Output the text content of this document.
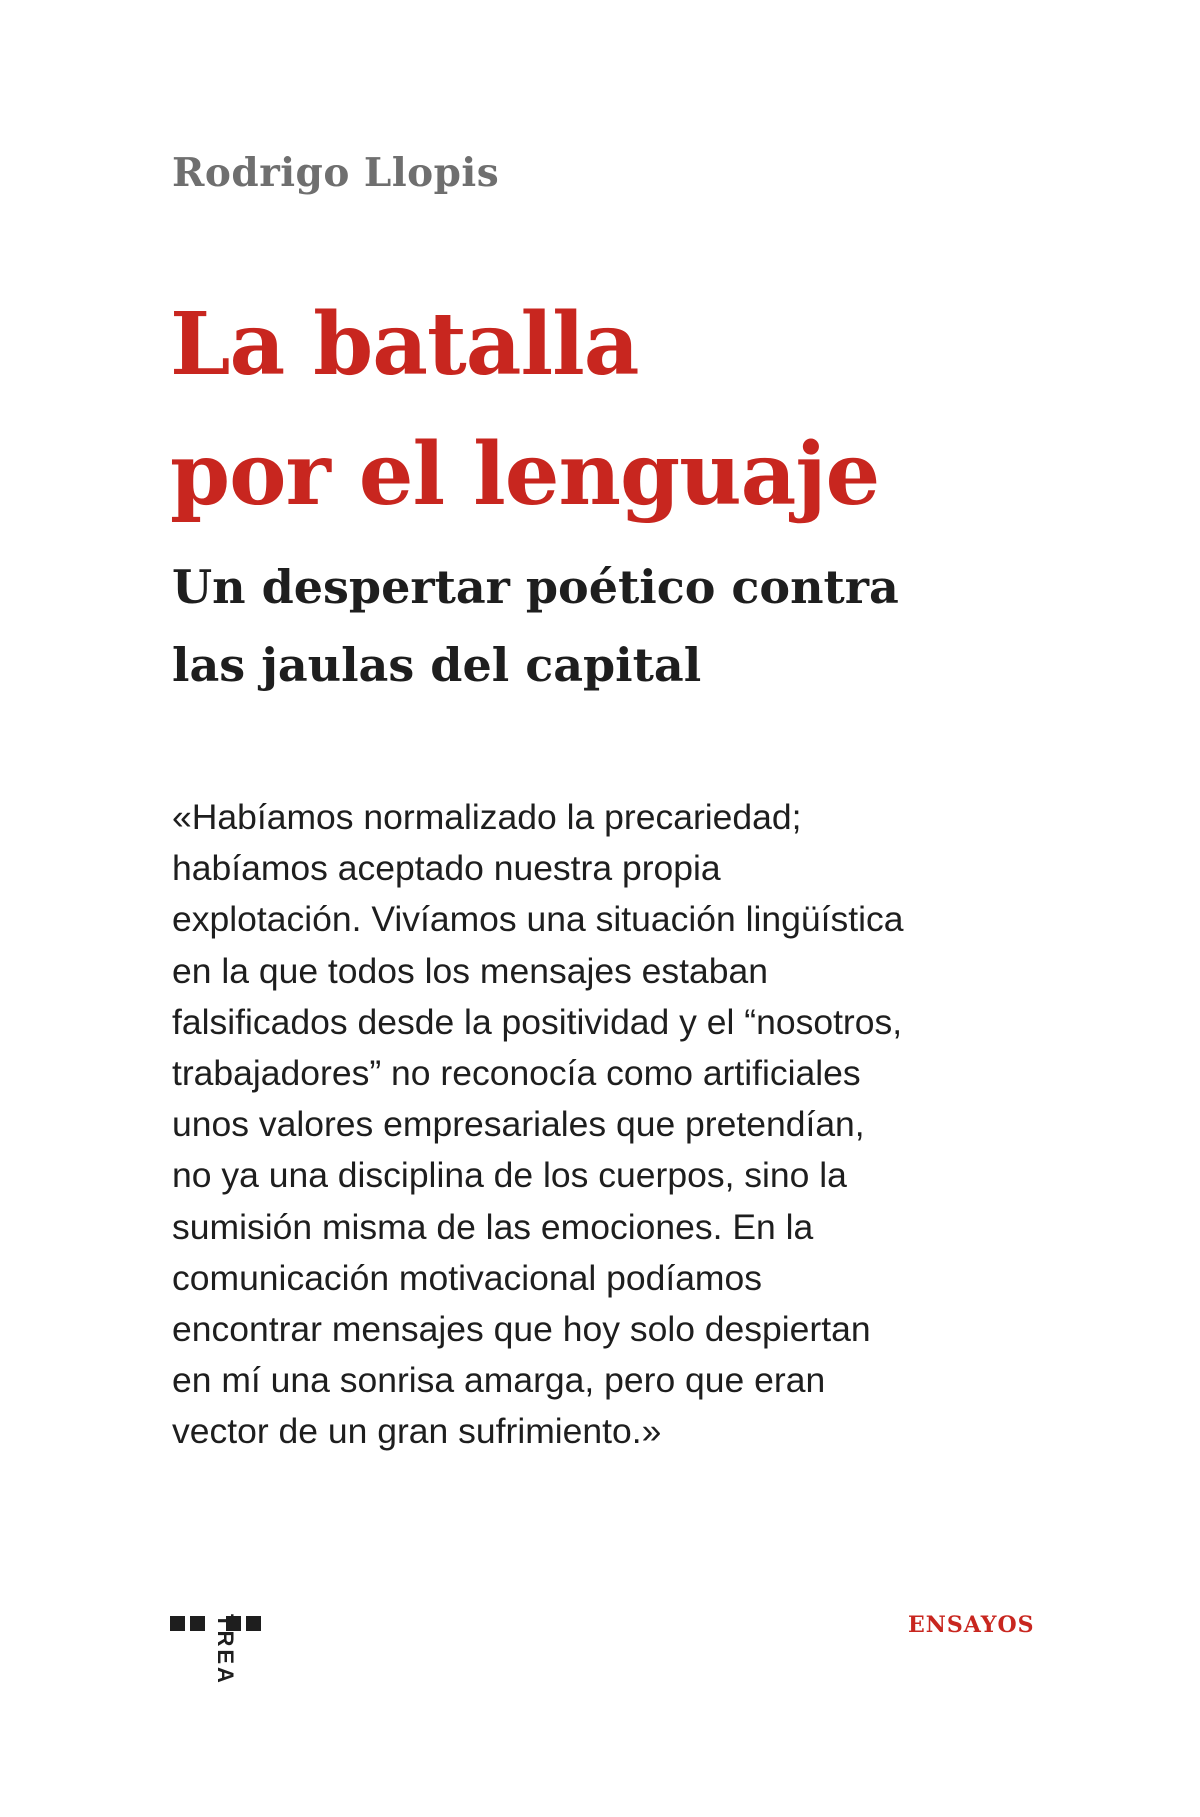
Rodrigo Llopis
La batalla
por el lenguaje
Un despertar poético contra
las jaulas del capital
«Habíamos normalizado la precariedad;
habíamos aceptado nuestra propia
explotación. Vivíamos una situación lingüística
en la que todos los mensajes estaban
falsificados desde la positividad y el “nosotros,
trabajadores” no reconocía como artificiales
unos valores empresariales que pretendían,
no ya una disciplina de los cuerpos, sino la
sumisión misma de las emociones. En la
comunicación motivacional podíamos
encontrar mensajes que hoy solo despiertan
en mí una sonrisa amarga, pero que eran
vector de un gran sufrimiento.»
TREA	ENSAYOS
